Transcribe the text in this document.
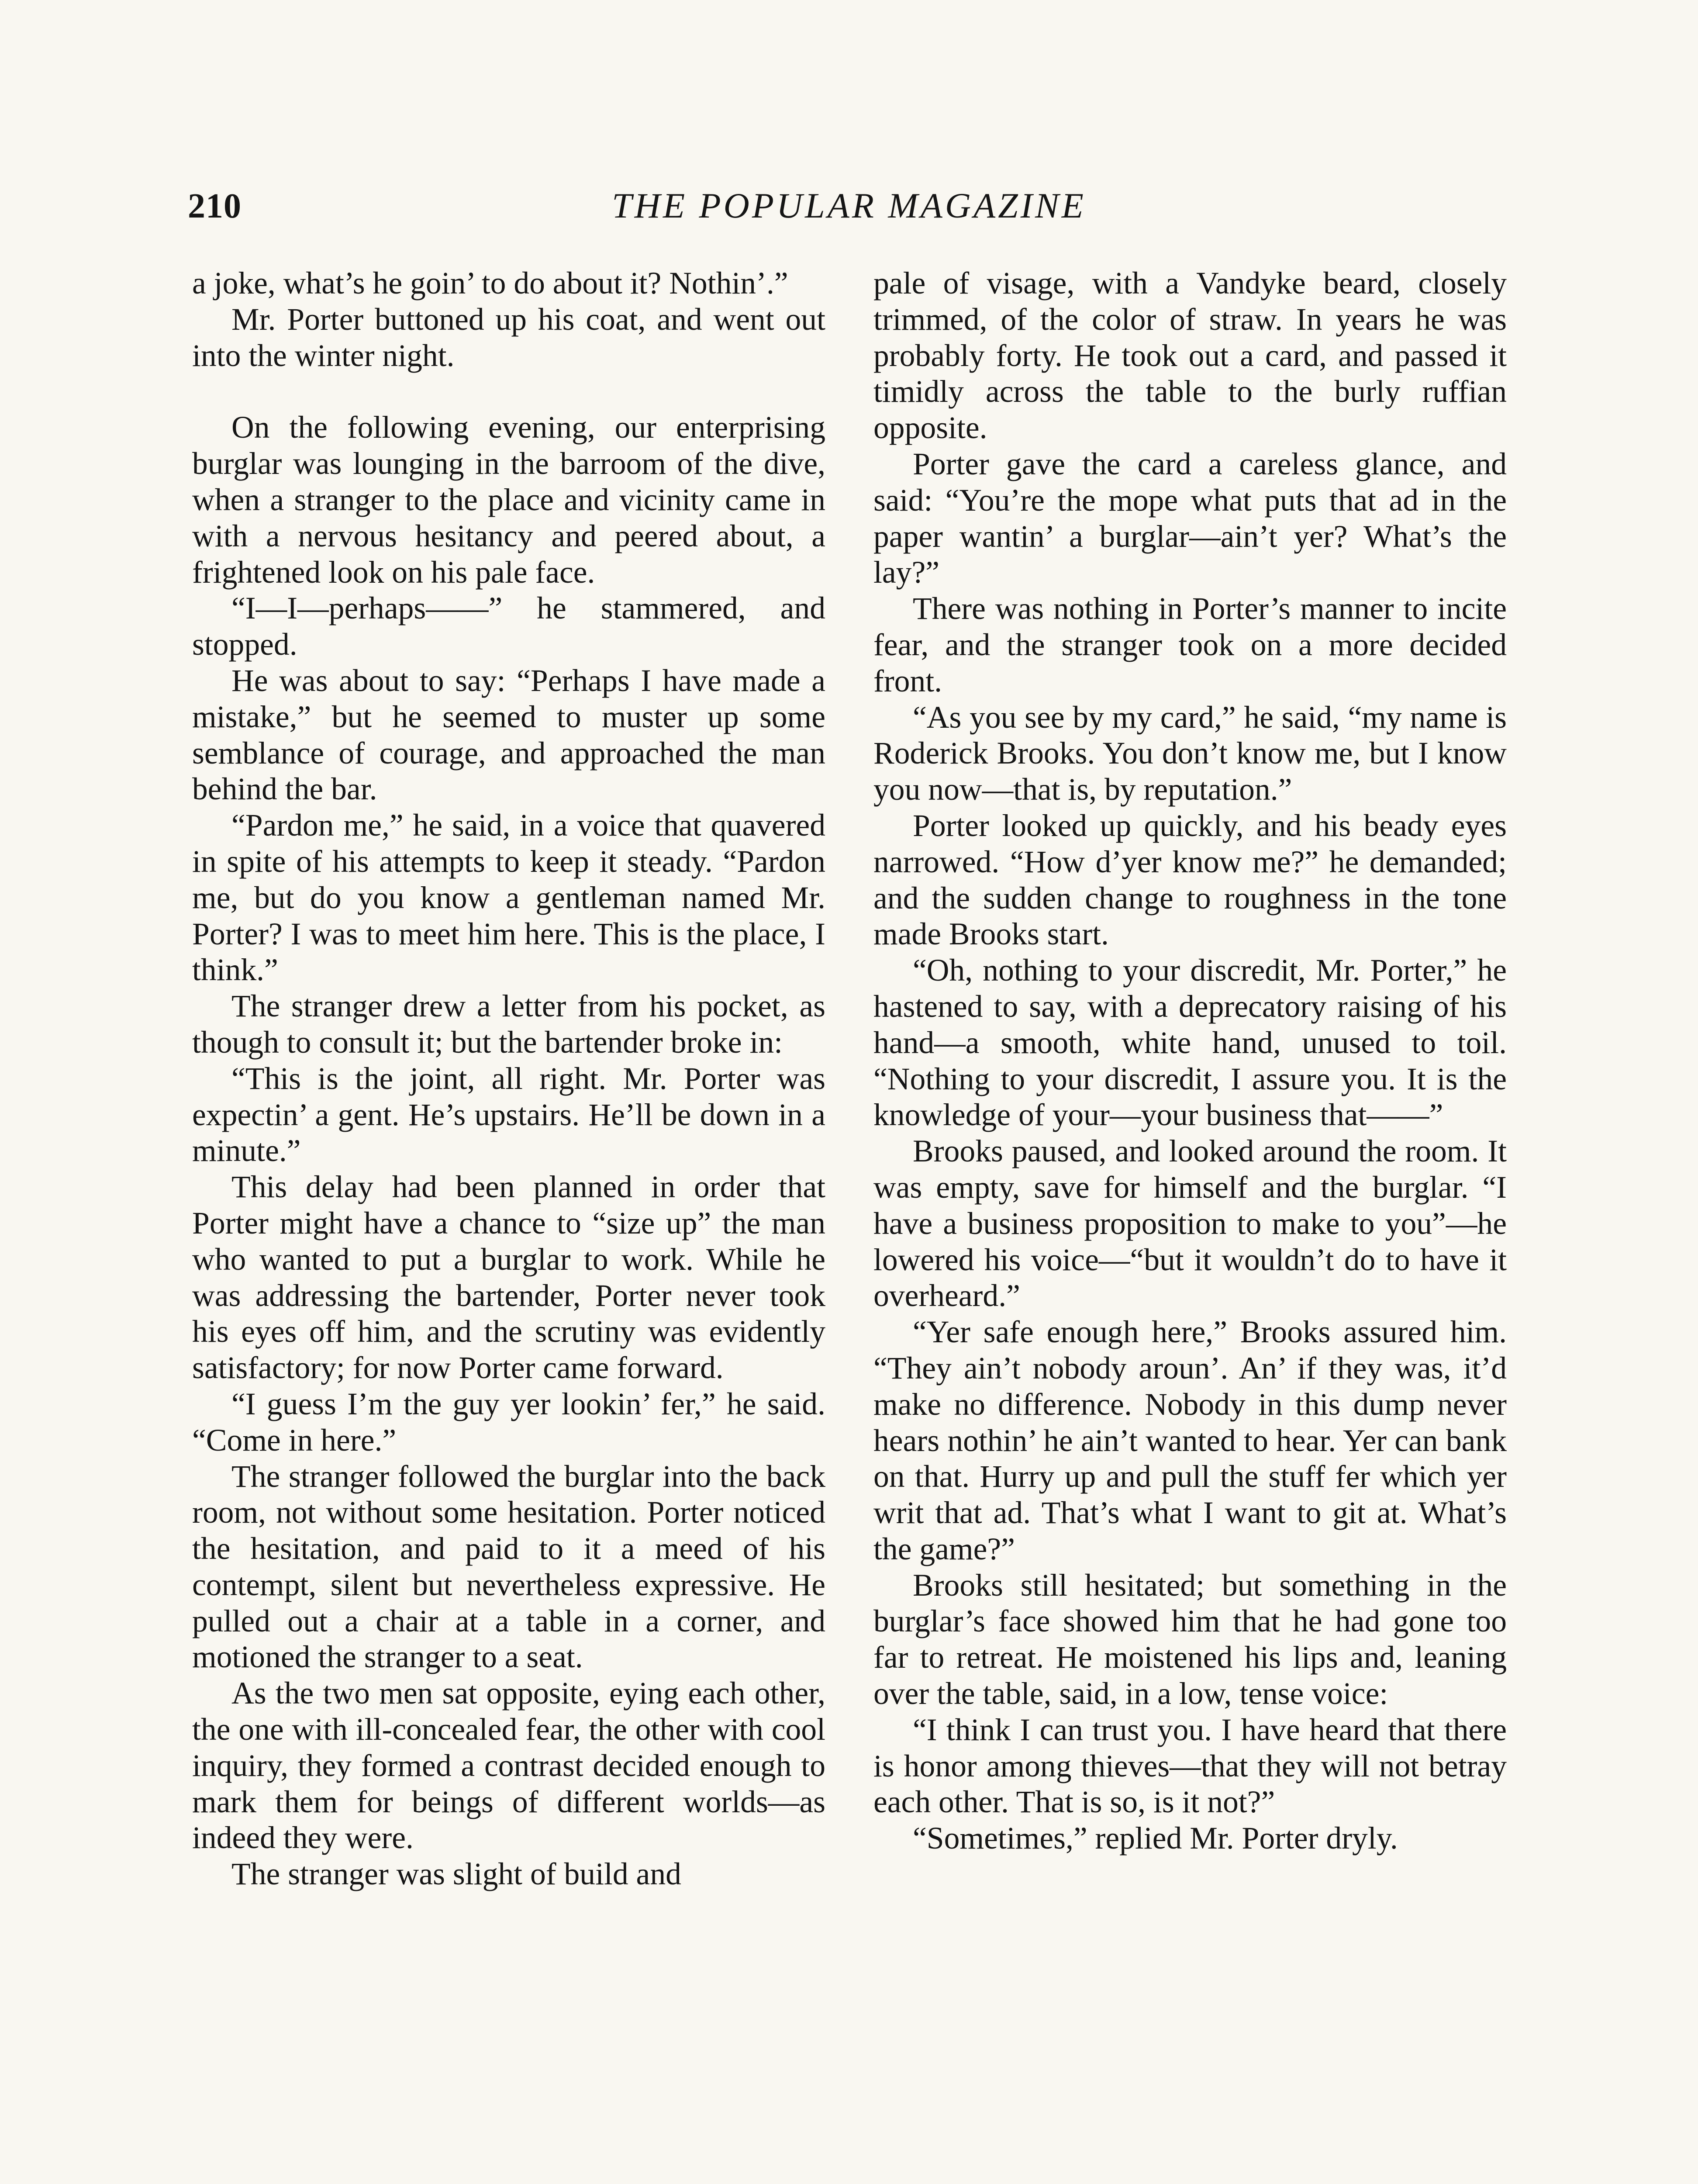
210	THE POPULAR MAGAZINE

a joke, what’s he goin’ to do about it? Nothin’.”

Mr. Porter buttoned up his coat, and went out into the winter night.

On the following evening, our enterprising burglar was lounging in the barroom of the dive, when a stranger to the place and vicinity came in with a nervous hesitancy and peered about, a frightened look on his pale face.

“I—I—perhaps——” he stammered, and stopped.

He was about to say: “Perhaps I have made a mistake,” but he seemed to muster up some semblance of courage, and approached the man behind the bar.

“Pardon me,” he said, in a voice that quavered in spite of his attempts to keep it steady. “Pardon me, but do you know a gentleman named Mr. Porter? I was to meet him here. This is the place, I think.”

The stranger drew a letter from his pocket, as though to consult it; but the bartender broke in:

“This is the joint, all right. Mr. Porter was expectin’ a gent. He’s upstairs. He’ll be down in a minute.”

This delay had been planned in order that Porter might have a chance to “size up” the man who wanted to put a burglar to work. While he was addressing the bartender, Porter never took his eyes off him, and the scrutiny was evidently satisfactory; for now Porter came forward.

“I guess I’m the guy yer lookin’ fer,” he said. “Come in here.”

The stranger followed the burglar into the back room, not without some hesitation. Porter noticed the hesitation, and paid to it a meed of his contempt, silent but nevertheless expressive. He pulled out a chair at a table in a corner, and motioned the stranger to a seat.

As the two men sat opposite, eying each other, the one with ill-concealed fear, the other with cool inquiry, they formed a contrast decided enough to mark them for beings of different worlds—as indeed they were.

The stranger was slight of build and

pale of visage, with a Vandyke beard, closely trimmed, of the color of straw. In years he was probably forty. He took out a card, and passed it timidly across the table to the burly ruffian opposite.

Porter gave the card a careless glance, and said: “You’re the mope what puts that ad in the paper wantin’ a burglar—ain’t yer? What’s the lay?”

There was nothing in Porter’s manner to incite fear, and the stranger took on a more decided front.

“As you see by my card,” he said, “my name is Roderick Brooks. You don’t know me, but I know you now—that is, by reputation.”

Porter looked up quickly, and his beady eyes narrowed. “How d’yer know me?” he demanded; and the sudden change to roughness in the tone made Brooks start.

“Oh, nothing to your discredit, Mr. Porter,” he hastened to say, with a deprecatory raising of his hand—a smooth, white hand, unused to toil. “Nothing to your discredit, I assure you. It is the knowledge of your—your business that——”

Brooks paused, and looked around the room. It was empty, save for himself and the burglar. “I have a business proposition to make to you”—he lowered his voice—“but it wouldn’t do to have it overheard.”

“Yer safe enough here,” Brooks assured him. “They ain’t nobody aroun’. An’ if they was, it’d make no difference. Nobody in this dump never hears nothin’ he ain’t wanted to hear. Yer can bank on that. Hurry up and pull the stuff fer which yer writ that ad. That’s what I want to git at. What’s the game?”

Brooks still hesitated; but something in the burglar’s face showed him that he had gone too far to retreat. He moistened his lips and, leaning over the table, said, in a low, tense voice:

“I think I can trust you. I have heard that there is honor among thieves—that they will not betray each other. That is so, is it not?”

“Sometimes,” replied Mr. Porter dryly.
